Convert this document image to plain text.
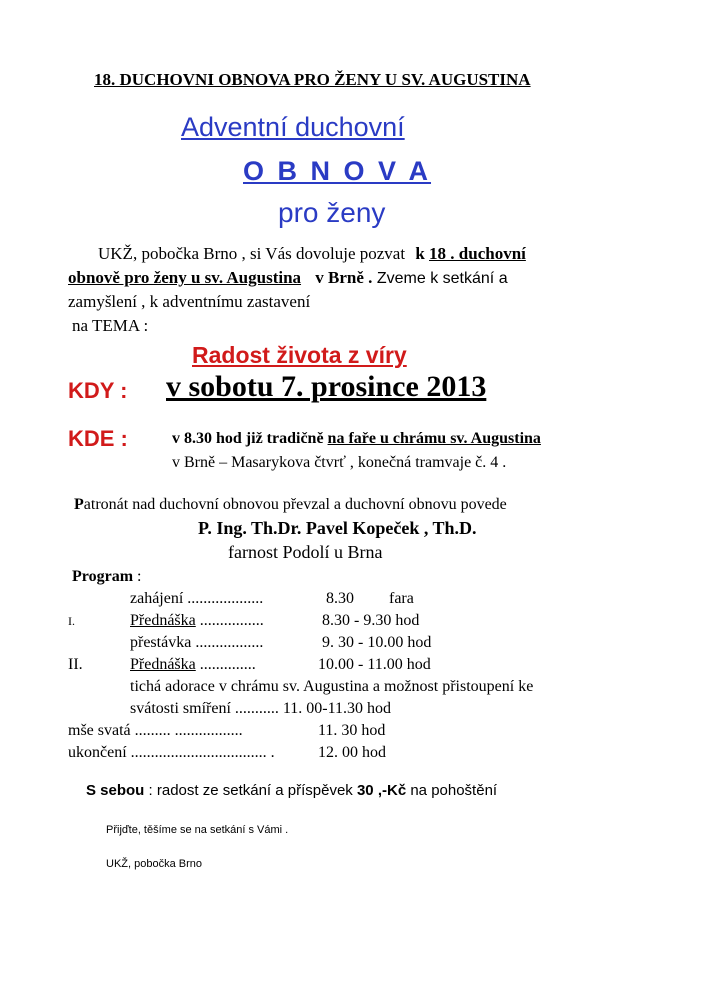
18. DUCHOVNI OBNOVA PRO ŽENY U SV. AUGUSTINA
Adventní duchovní
O B N O V A
pro ženy
UKŽ, pobočka Brno , si Vás dovoluje pozvat k 18 . duchovní
obnově pro ženy u sv. Augustina v Brně . Zveme k setkání a
zamyšlení , k adventnímu zastavení
na TEMA :
Radost života z víry
KDY : v sobotu 7. prosince 2013
KDE :	v 8.30 hod již tradičně na faře u chrámu sv. Augustina
v Brně – Masarykova čtvrť , konečná tramvaje č. 4 .
Patronát nad duchovní obnovou převzal a duchovní obnovu povede
P. Ing. Th.Dr. Pavel Kopeček , Th.D.
farnost Podolí u Brna
Program :
zahájení ...................	8.30 fara
I.	Přednáška ................	8.30 - 9.30 hod
přestávka .................	9. 30 - 10.00 hod
II.	Přednáška ..............	10.00 - 11.00 hod
tichá adorace v chrámu sv. Augustina a možnost přistoupení ke
svátosti smíření ........... 11. 00-11.30 hod
mše svatá ......... .................	11. 30 hod
ukončení .................................. .	12. 00 hod
S sebou : radost ze setkání a příspěvek 30 ,-Kč na pohoštění
Přijďte, těšíme se na setkání s Vámi .
UKŽ, pobočka Brno
